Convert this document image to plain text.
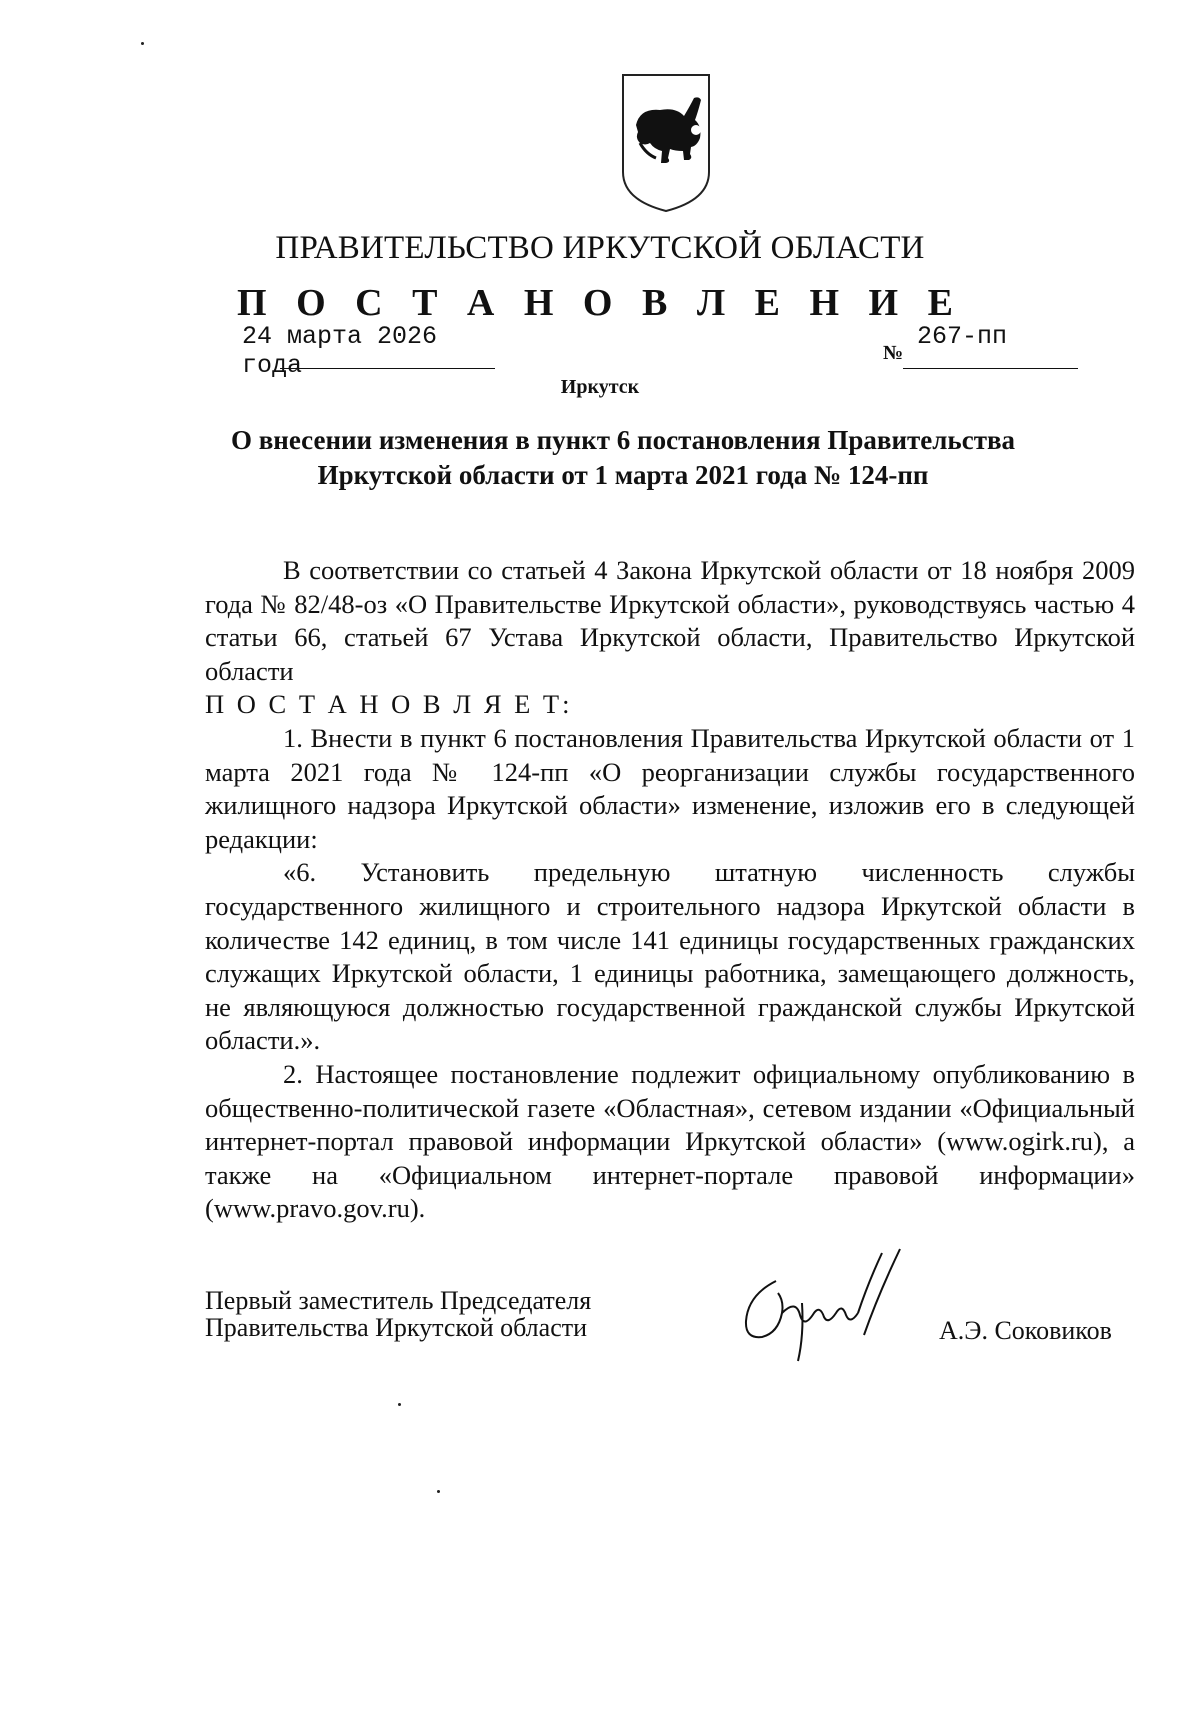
ПРАВИТЕЛЬСТВО ИРКУТСКОЙ ОБЛАСТИ
П О С Т А Н О В Л Е Н И Е
24 марта 2026 года	№
267-пп
Иркутск
О внесении изменения в пункт 6 постановления Правительства
Иркутской области от 1 марта 2021 года № 124-пп

В соответствии со статьей 4 Закона Иркутской области от 18 ноября 2009 года № 82/48-оз «О Правительстве Иркутской области», руководствуясь частью 4 статьи 66, статьей 67 Устава Иркутской области, Правительство Иркутской области

П О С Т А Н О В Л Я Е Т:

1. Внести в пункт 6 постановления Правительства Иркутской области от 1 марта 2021 года № 124-пп «О реорганизации службы государственного жилищного надзора Иркутской области» изменение, изложив его в следующей редакции:

«6. Установить предельную штатную численность службы государственного жилищного и строительного надзора Иркутской области в количестве 142 единиц, в том числе 141 единицы государственных гражданских служащих Иркутской области, 1 единицы работника, замещающего должность, не являющуюся должностью государственной гражданской службы Иркутской области.».

2. Настоящее постановление подлежит официальному опубликованию в общественно-политической газете «Областная», сетевом издании «Официальный интернет-портал правовой информации Иркутской области» (www.ogirk.ru), а также на «Официальном интернет-портале правовой информации» (www.pravo.gov.ru).

Первый заместитель Председателя
Правительства Иркутской области	А.Э. Соковиков
